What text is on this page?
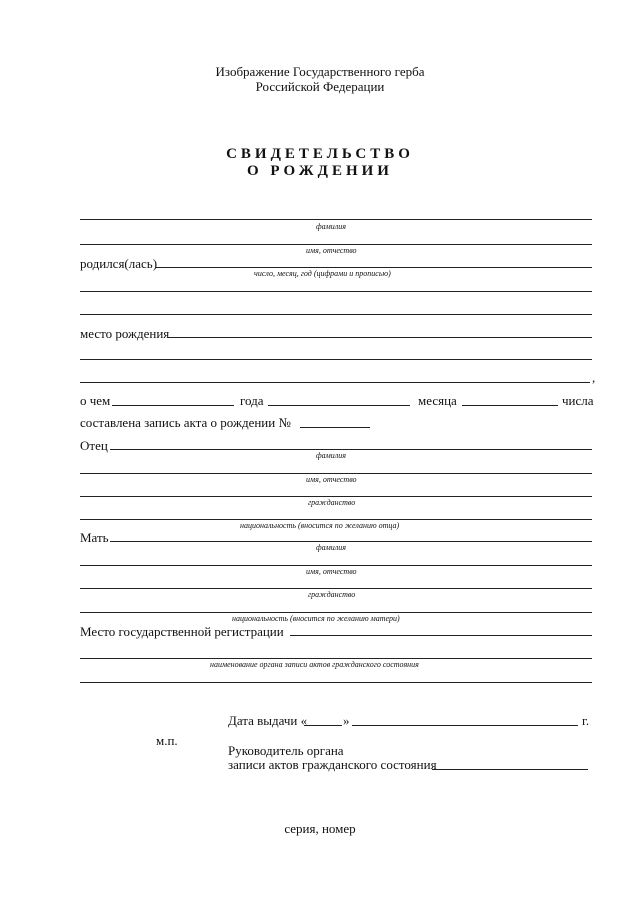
Изображение Государственного герба
Российской Федерации
СВИДЕТЕЛЬСТВО
О РОЖДЕНИИ
фамилия
имя, отчество
родился(лась)
число, месяц, год (цифрами и прописью)
место рождения
,
о чем	года	месяца	числа
составлена запись акта о рождении №
Отец
фамилия
имя, отчество
гражданство
национальность (вносится по желанию отца)
Мать
фамилия
имя, отчество
гражданство
национальность (вносится по желанию матери)
Место государственной регистрации
наименование органа записи актов гражданского состояния
Дата выдачи «	»	г.
м.п.
Руководитель органа
записи актов гражданского состояния
серия, номер
